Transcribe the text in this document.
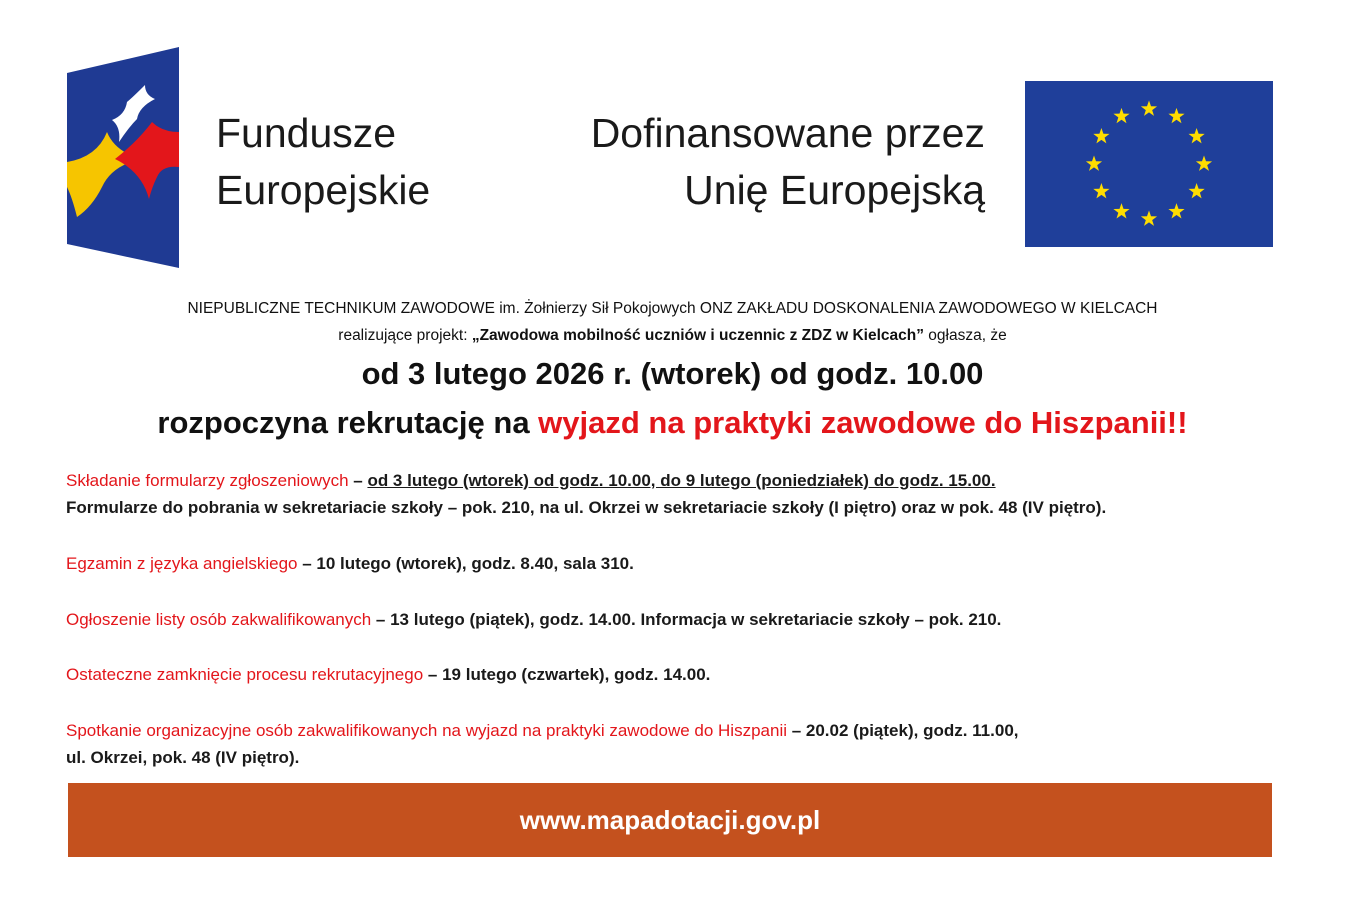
Fundusze
Europejskie
Dofinansowane przez
Unię Europejską
NIEPUBLICZNE TECHNIKUM ZAWODOWE im. Żołnierzy Sił Pokojowych ONZ ZAKŁADU DOSKONALENIA ZAWODOWEGO W KIELCACH
realizujące projekt: „Zawodowa mobilność uczniów i uczennic z ZDZ w Kielcach” ogłasza, że
od 3 lutego 2026 r. (wtorek) od godz. 10.00
rozpoczyna rekrutację na wyjazd na praktyki zawodowe do Hiszpanii!!
Składanie formularzy zgłoszeniowych – od 3 lutego (wtorek) od godz. 10.00, do 9 lutego (poniedziałek) do godz. 15.00.
Formularze do pobrania w sekretariacie szkoły – pok. 210, na ul. Okrzei w sekretariacie szkoły (I piętro) oraz w pok. 48 (IV piętro).
Egzamin z języka angielskiego – 10 lutego (wtorek), godz. 8.40, sala 310.
Ogłoszenie listy osób zakwalifikowanych – 13 lutego (piątek), godz. 14.00. Informacja w sekretariacie szkoły – pok. 210.
Ostateczne zamknięcie procesu rekrutacyjnego – 19 lutego (czwartek), godz. 14.00.
Spotkanie organizacyjne osób zakwalifikowanych na wyjazd na praktyki zawodowe do Hiszpanii – 20.02 (piątek), godz. 11.00,
ul. Okrzei, pok. 48 (IV piętro).
www.mapadotacji.gov.pl
